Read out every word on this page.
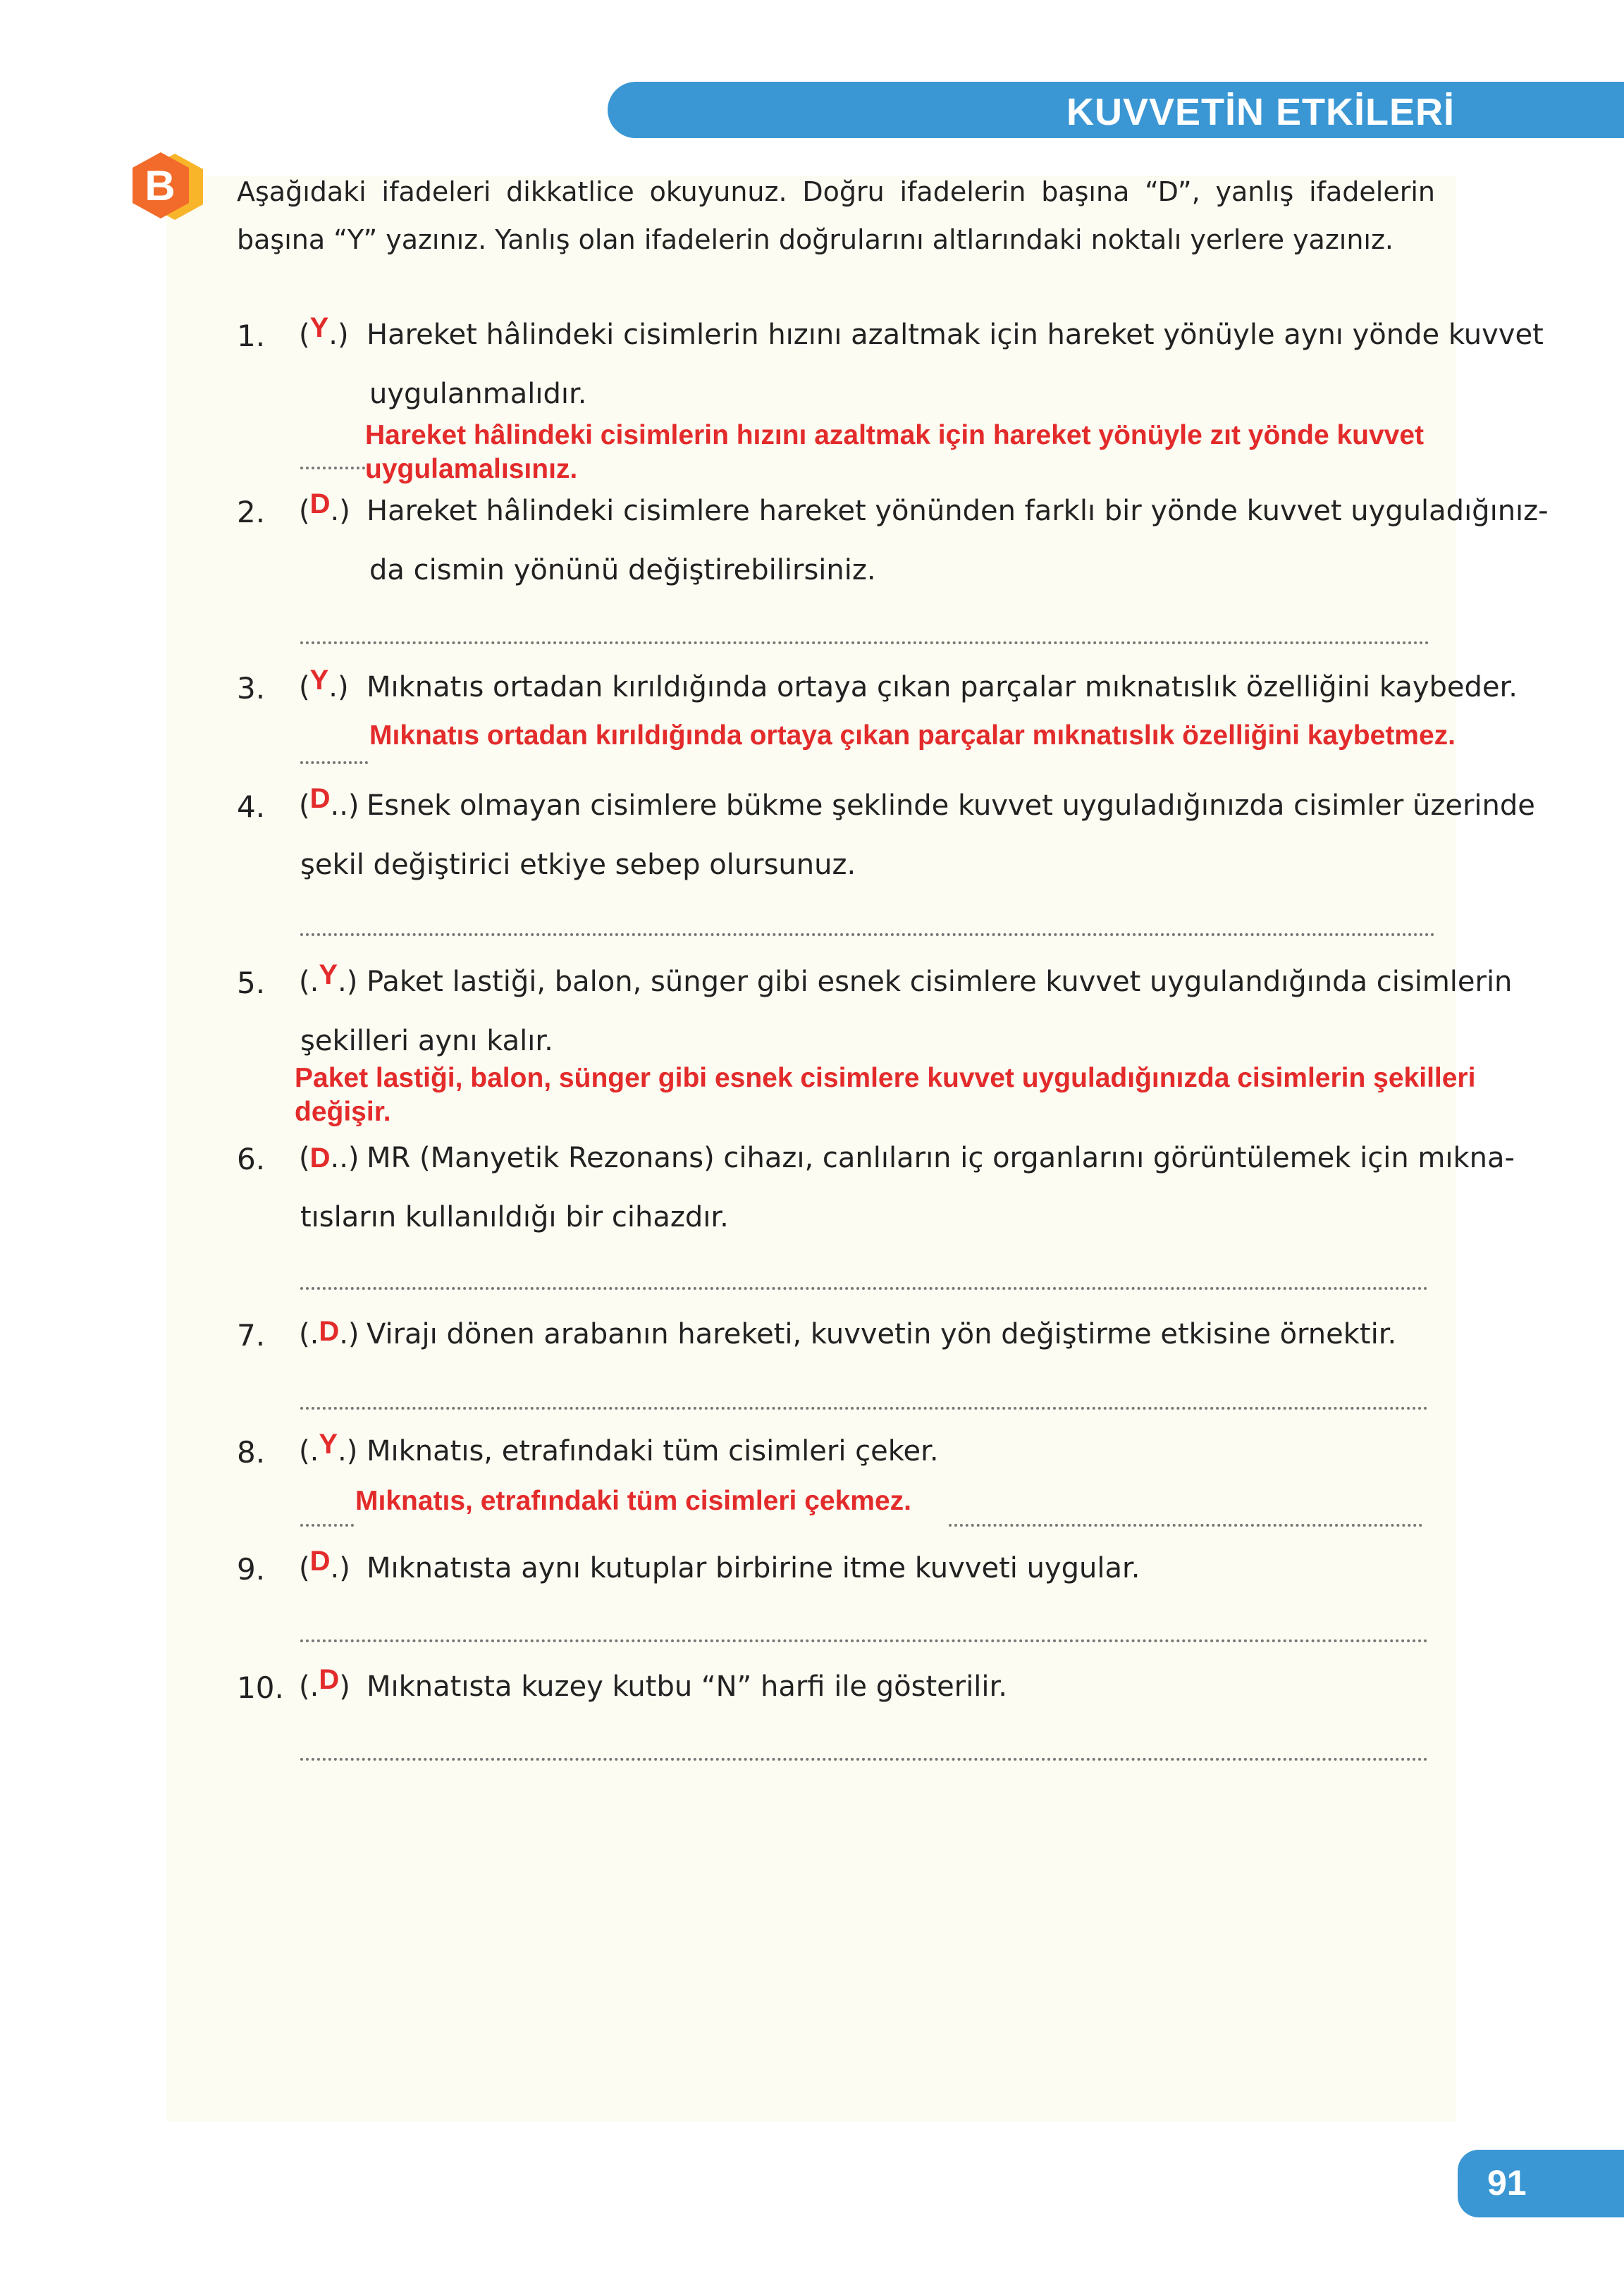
KUVVETİN ETKİLERİ
B	Aşağıdaki ifadeleri dikkatlice okuyunuz. Doğru ifadelerin başına “D”, yanlış ifadelerin başına “Y” yazınız. Yanlış olan ifadelerin doğrularını altlarındaki noktalı yerlere yazınız.
1. (Y.) Hareket hâlindeki cisimlerin hızını azaltmak için hareket yönüyle aynı yönde kuvvet
uygulanmalıdır.
Hareket hâlindeki cisimlerin hızını azaltmak için hareket yönüyle zıt yönde kuvvet uygulamalısınız.
2. (D.) Hareket hâlindeki cisimlere hareket yönünden farklı bir yönde kuvvet uyguladığınız-
da cismin yönünü değiştirebilirsiniz.
3. (Y.) Mıknatıs ortadan kırıldığında ortaya çıkan parçalar mıknatıslık özelliğini kaybeder.
Mıknatıs ortadan kırıldığında ortaya çıkan parçalar mıknatıslık özelliğini kaybetmez.
4. (D..) Esnek olmayan cisimlere bükme şeklinde kuvvet uyguladığınızda cisimler üzerinde
şekil değiştirici etkiye sebep olursunuz.
5. (.Y.) Paket lastiği, balon, sünger gibi esnek cisimlere kuvvet uygulandığında cisimlerin
şekilleri aynı kalır.
Paket lastiği, balon, sünger gibi esnek cisimlere kuvvet uyguladığınızda cisimlerin şekilleri değişir.
6. (D..) MR (Manyetik Rezonans) cihazı, canlıların iç organlarını görüntülemek için mıkna-
tısların kullanıldığı bir cihazdır.
7. (.D.) Virajı dönen arabanın hareketi, kuvvetin yön değiştirme etkisine örnektir.
8. (.Y.) Mıknatıs, etrafındaki tüm cisimleri çeker.
Mıknatıs, etrafındaki tüm cisimleri çekmez.
9. (D.) Mıknatısta aynı kutuplar birbirine itme kuvveti uygular.
10. (.D) Mıknatısta kuzey kutbu “N” harfi ile gösterilir.
91
